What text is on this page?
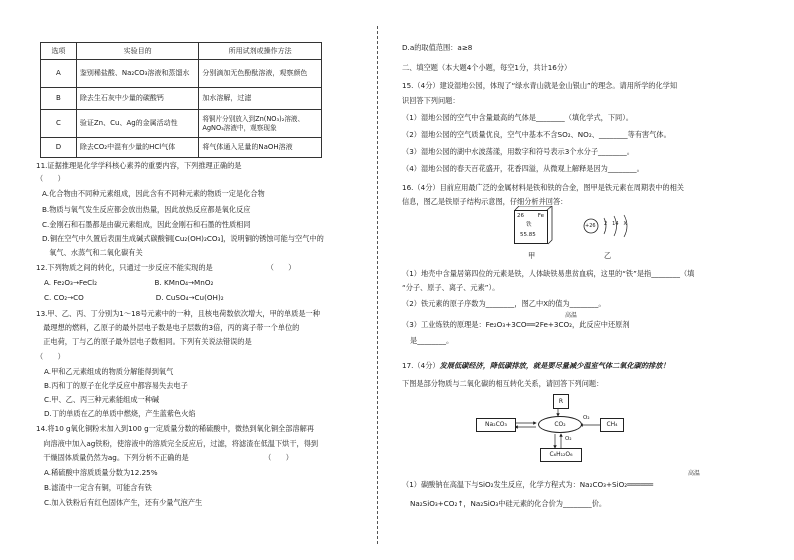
选项	实验目的	所用试剂或操作方法
A	鉴别稀盐酸、Na₂CO₃溶液和蒸馏水	分别滴加无色酚酞溶液，观察颜色
B	除去生石灰中少量的碳酸钙	加水溶解，过滤
C	验证Zn、Cu、Ag的金属活动性	将铜片分别放入到Zn(NO₃)₂溶液、AgNO₃溶液中，观察现象
D	除去CO₂中混有少量的HCl气体	将气体通入足量的NaOH溶液
11.证据推理是化学学科核心素养的重要内容，下列推理正确的是
（　　）
A.化合物由不同种元素组成，因此含有不同种元素的物质一定是化合物
B.物质与氧气发生反应都会放出热量，因此放热反应都是氧化反应
C.金刚石和石墨都是由碳元素组成，因此金刚石和石墨的性质相同
D.铜在空气中久置后表面生成碱式碳酸铜[Cu₂(OH)₂CO₃]，说明铜的锈蚀可能与空气中的
　氧气、水蒸气和二氧化碳有关
12.下列物质之间的转化，只通过一步反应不能实现的是　　　　　　　　（　　）
A. Fe₂O₃→FeCl₂　　　　　　　　B. KMnO₄→MnO₂
C. CO₂→CO　　　　　　　　　　D. CuSO₄→Cu(OH)₂
13.甲、乙、丙、丁分别为1～18号元素中的一种，且核电荷数依次增大，甲的单质是一种
　最理想的燃料，乙原子的最外层电子数是电子层数的3倍，丙的离子带一个单位的
　正电荷，丁与乙的原子最外层电子数相同。下列有关说法错误的是
（　　）
A.甲和乙元素组成的物质分解能得到氧气
B.丙和丁的原子在化学反应中都容易失去电子
C.甲、乙、丙三种元素能组成一种碱
D.丁的单质在乙的单质中燃烧，产生蓝紫色火焰
14.将10 g氧化铜粉末加入到100 g一定质量分数的稀硫酸中，微热到氧化铜全部溶解再
　向溶液中加入ag铁粉，使溶液中的溶质完全反应后，过滤，将滤渣在低温下烘干，得到
　干燥固体质量仍然为ag。下列分析不正确的是　　　　　　　　　　　（　　）
A.稀硫酸中溶质质量分数为12.25%
B.滤渣中一定含有铜，可能含有铁
C.加入铁粉后有红色固体产生，还有少量气泡产生
D.a的取值范围：a≥8
二、填空题（本大题4个小题，每空1分，共计16分）
15.（4分）建设湿地公园，体现了“绿水青山就是金山银山”的理念。请用所学的化学知
识回答下列问题：
（1）湿地公园的空气中含量最高的气体是________（填化学式，下同）。
（2）湿地公园的空气质量优良，空气中基本不含SO₂、NO₂、________等有害气体。
（3）湿地公园的湖中水波荡漾，用数字和符号表示3个水分子________。
（4）湿地公园的春天百花盛开，花香四溢，从微观上解释是因为________。
16.（4分）目前应用最广泛的金属材料是铁和铁的合金，图甲是铁元素在周期表中的相关
信息，图乙是铁原子结构示意图，仔细分析并回答：
26	Fe
铁
55.85
甲
+26 2　14　X
乙
（1）地壳中含量居第四位的元素是铁，人体缺铁易患贫血病，这里的“铁”是指________（填
“分子、原子、离子、元素”）。
（2）铁元素的原子序数为________，图乙中X的值为________。
（3）工业炼铁的原理是：Fe₂O₃+3CO══2Fe+3CO₂，此反应中还原剂
高温
是________。
17.（4分）发展低碳经济，降低碳排放，就是要尽量减少温室气体二氧化碳的排放！
下图是部分物质与二氧化碳的相互转化关系，请回答下列问题：
R
Na₂CO₃	CO₂	CH₄
C₆H₁₂O₆
O₂
O₂
（1）碳酸钠在高温下与SiO₂发生反应，化学方程式为：Na₂CO₃+SiO₂══════
高温
Na₂SiO₃+CO₂↑，Na₂SiO₃中硅元素的化合价为________价。
